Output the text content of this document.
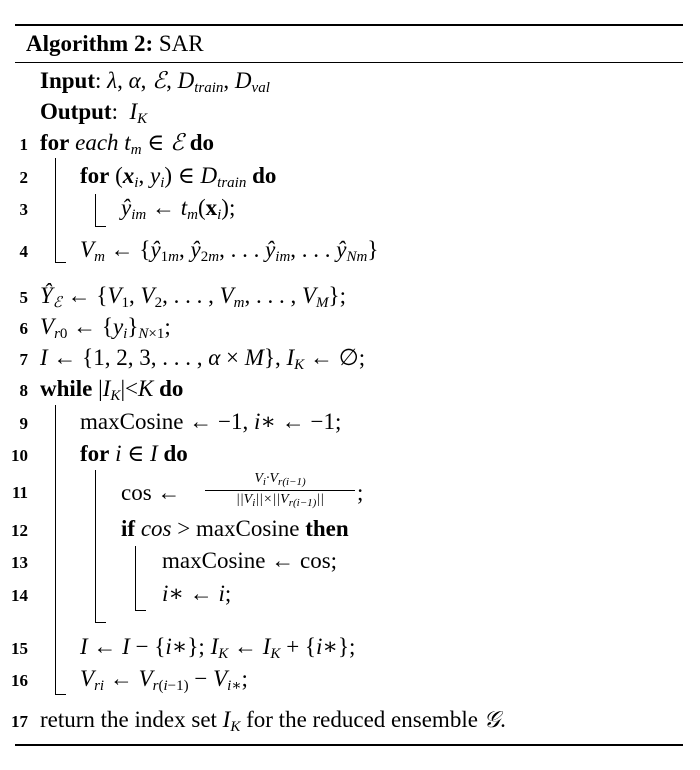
Algorithm 2: SAR
Input: λ, α, ℰ, $D_{train}$, $D_{val}$
Output:  $I_K$
1
2
3
4
5
6
7
8
9
10
11
12
13
14
15
16
17
for each $t_m$ ∈ ℰ do
for ($x_i$, $y_i$) ∈ $D_{train}$ do
$ŷ_{im}$ ← $t_m(x_i)$;
$V_m$ ← {$ŷ_{1m}$, $ŷ_{2m}$, . . . $ŷ_{im}$, . . . $ŷ_{Nm}$}
$Ŷ_ℰ$ ← {$V_1$, $V_2$, . . . , $V_m$, . . . , $V_M$};
$V_{r0}$ ← $\{y_i\}_{N\times 1}$;
I ← {1, 2, 3, . . . , α × M}, $I_K$ ← ∅;
while $|I_K|<K$ do
maxCosine ← −1, i∗ ← −1;
for i ∈ I do
cos ←
$V_i\cdot V_{r(i-1)}$
$||V_i||\times||V_{r(i-1)}||$	;
if cos > maxCosine then
maxCosine ← cos;
i∗ ← i;
I ← I − {i∗}; $I_K$ ← $I_K$ + {i∗};
$V_{ri}$ ← $V_{r(i-1)} - V_{i∗}$;
return the index set $I_K$ for the reduced ensemble 𝒢.
